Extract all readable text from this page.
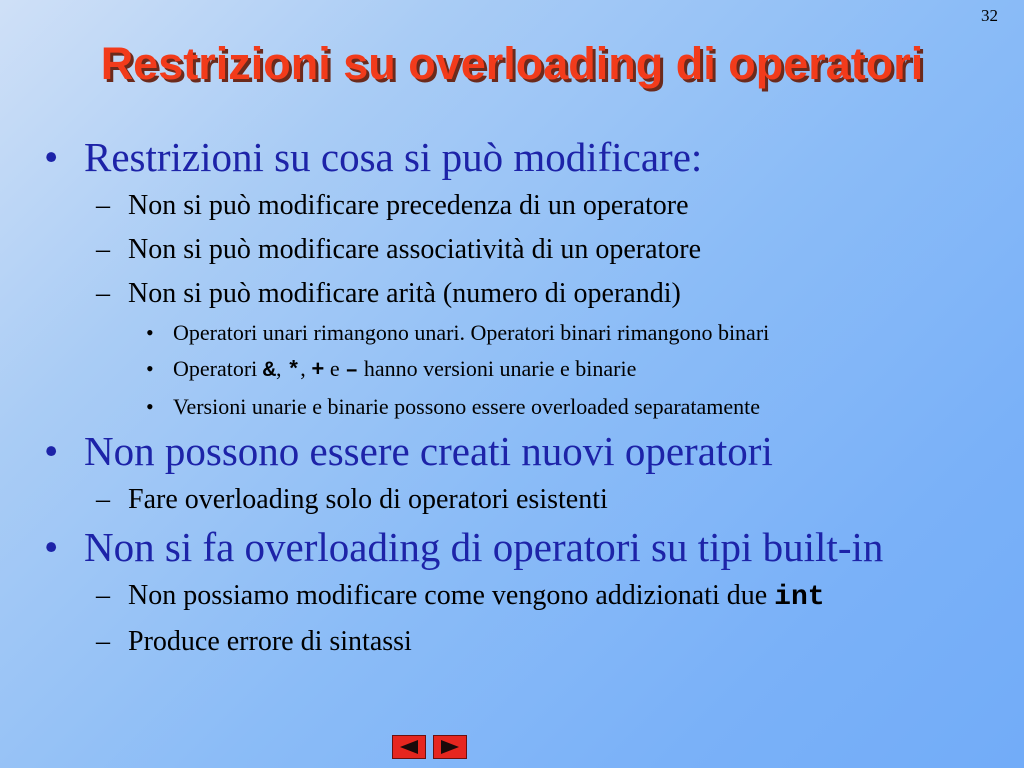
32
Restrizioni su overloading di operatori
• Restrizioni su cosa si può modificare:
– Non si può modificare precedenza di un operatore
– Non si può modificare associatività di un operatore
– Non si può modificare arità (numero di operandi)
• Operatori unari rimangono unari. Operatori binari rimangono binari
• Operatori &, *, + e – hanno versioni unarie e binarie
• Versioni unarie e binarie possono essere overloaded separatamente
• Non possono essere creati nuovi operatori
– Fare overloading solo di operatori esistenti
• Non si fa overloading di operatori su tipi built-in
– Non possiamo modificare come vengono addizionati due int
– Produce errore di sintassi
